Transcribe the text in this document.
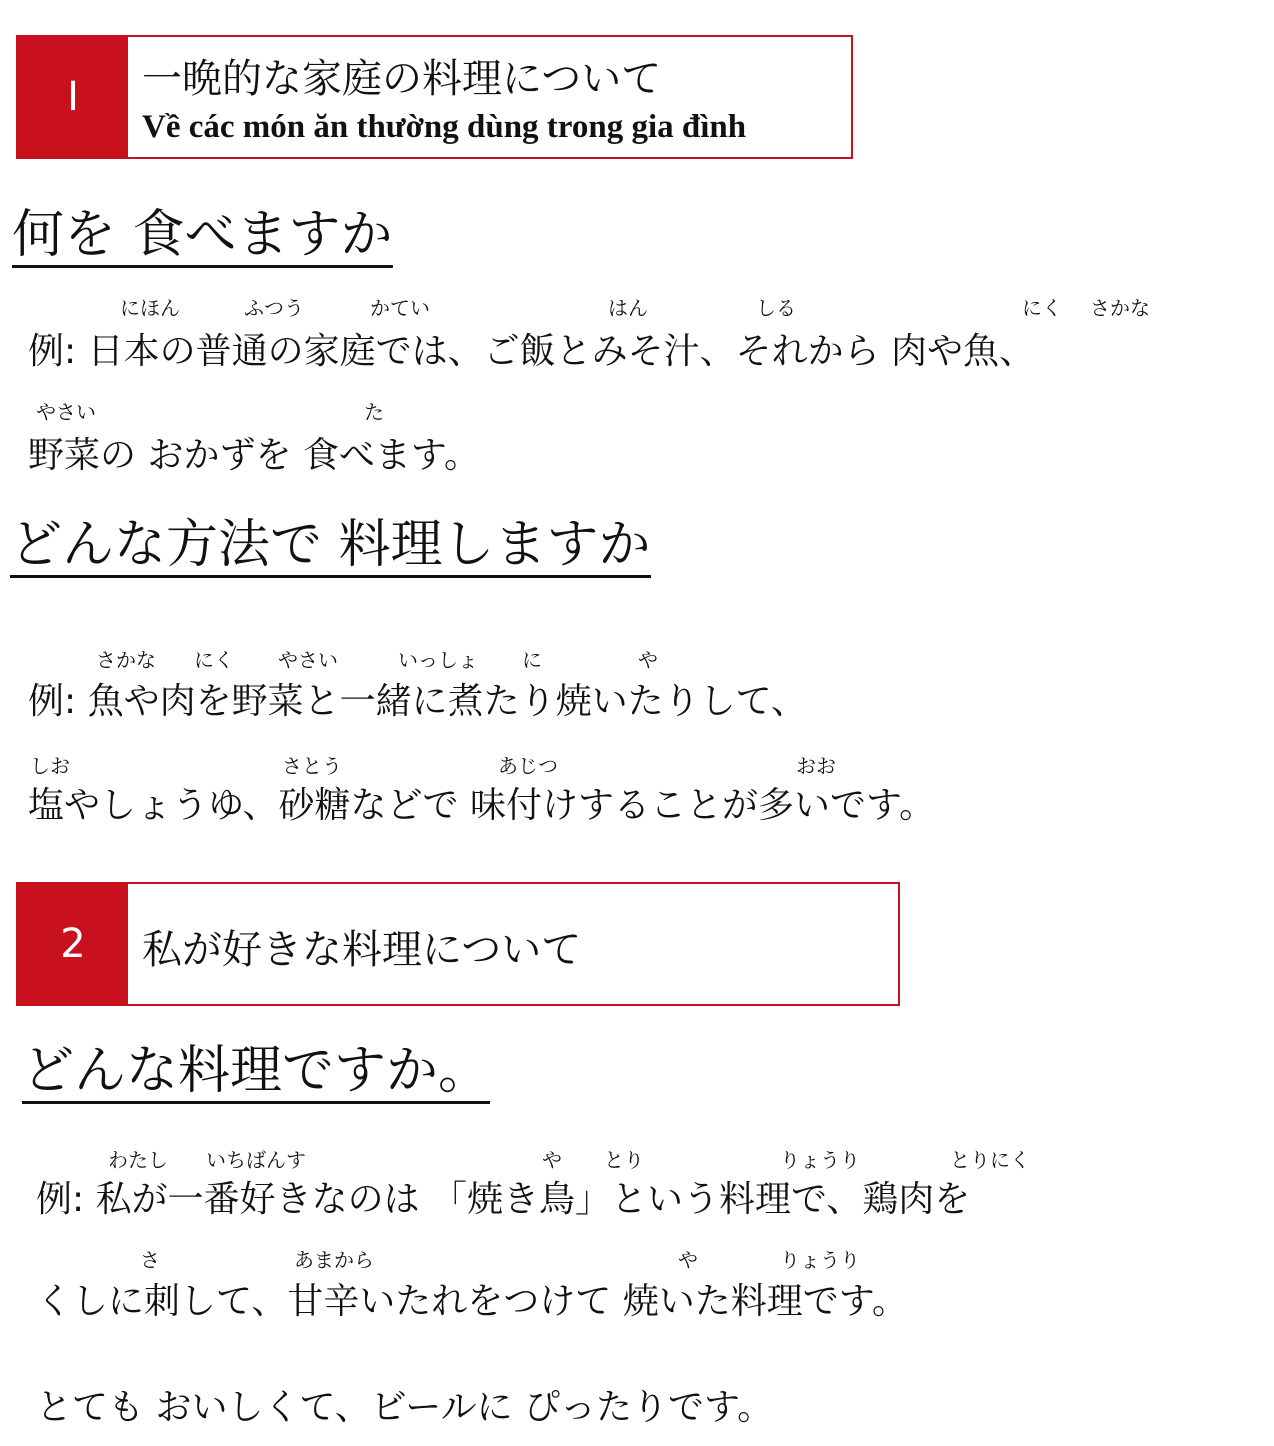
I	一晩的な家庭の料理について
Về các món ăn thường dùng trong gia đình
何を 食べますか
にほん	ふつう	かてい	はん	しる	にく さかな
例: 日本の普通の家庭では、ご飯とみそ汁、それから 肉や魚、
やさい	た
野菜の おかずを 食べます。
どんな方法で 料理しますか
さかな にく やさい	いっしょ に	や
例: 魚や肉を野菜と一緒に煮たり焼いたりして、
しお	さとう	あじつ	おお
塩やしょうゆ、砂糖などで 味付けすることが多いです。
2	私が好きな料理について
どんな料理ですか。
わたし いちばんす	や とり	りょうり	とりにく
例: 私が一番好きなのは 「焼き鳥」という料理で、鶏肉を
さ	あまから	や	りょうり
くしに刺して、甘辛いたれをつけて 焼いた料理です。
とても おいしくて、ビールに ぴったりです。
